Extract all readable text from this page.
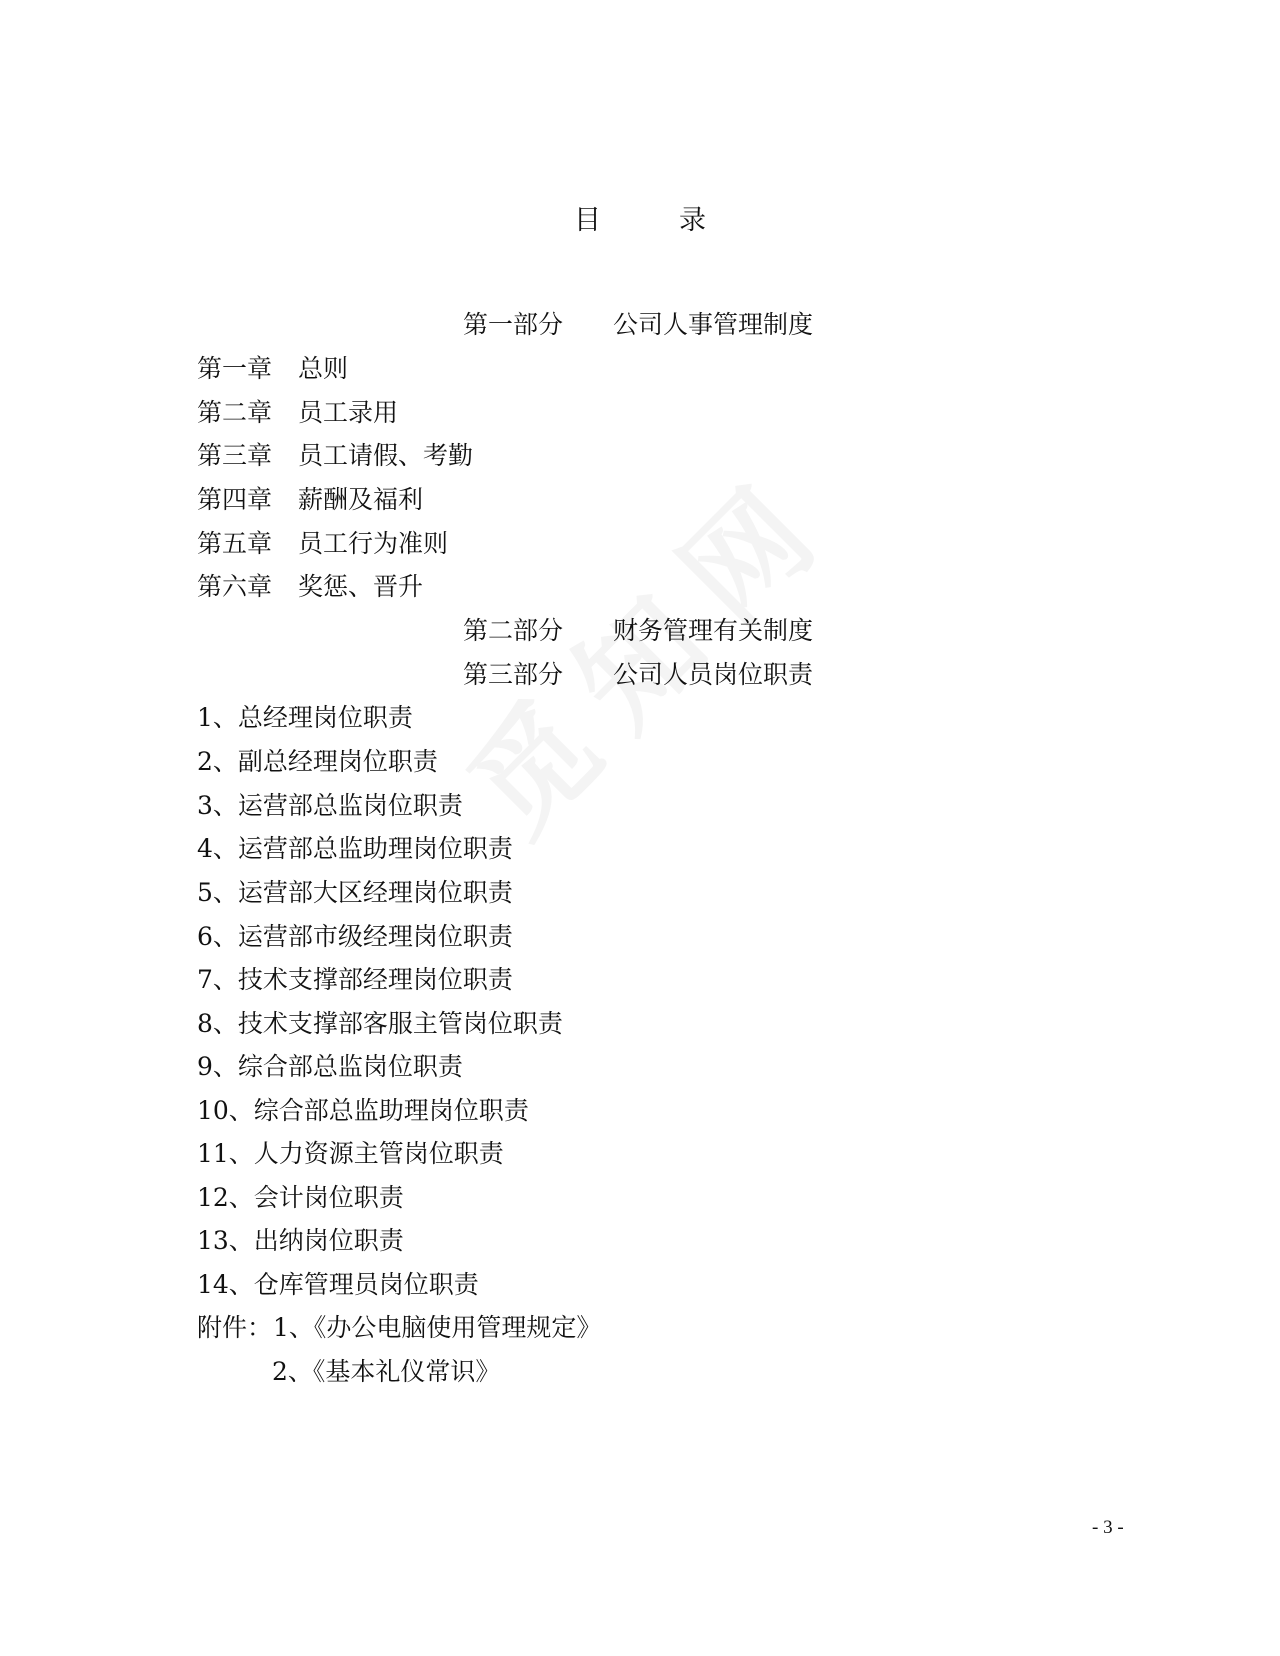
目	录
第一部分 公司人事管理制度
第一章 总则
第二章 员工录用
第三章 员工请假、考勤
第四章 薪酬及福利
第五章 员工行为准则
第六章 奖惩、晋升
第二部分 财务管理有关制度
第三部分 公司人员岗位职责
1、总经理岗位职责
2、副总经理岗位职责
3、运营部总监岗位职责
4、运营部总监助理岗位职责
5、运营部大区经理岗位职责
6、运营部市级经理岗位职责
7、技术支撑部经理岗位职责
8、技术支撑部客服主管岗位职责
9、综合部总监岗位职责
10、综合部总监助理岗位职责
11、人力资源主管岗位职责
12、会计岗位职责
13、出纳岗位职责
14、仓库管理员岗位职责
附件：1、《办公电脑使用管理规定》
2、《基本礼仪常识》
- 3 -
